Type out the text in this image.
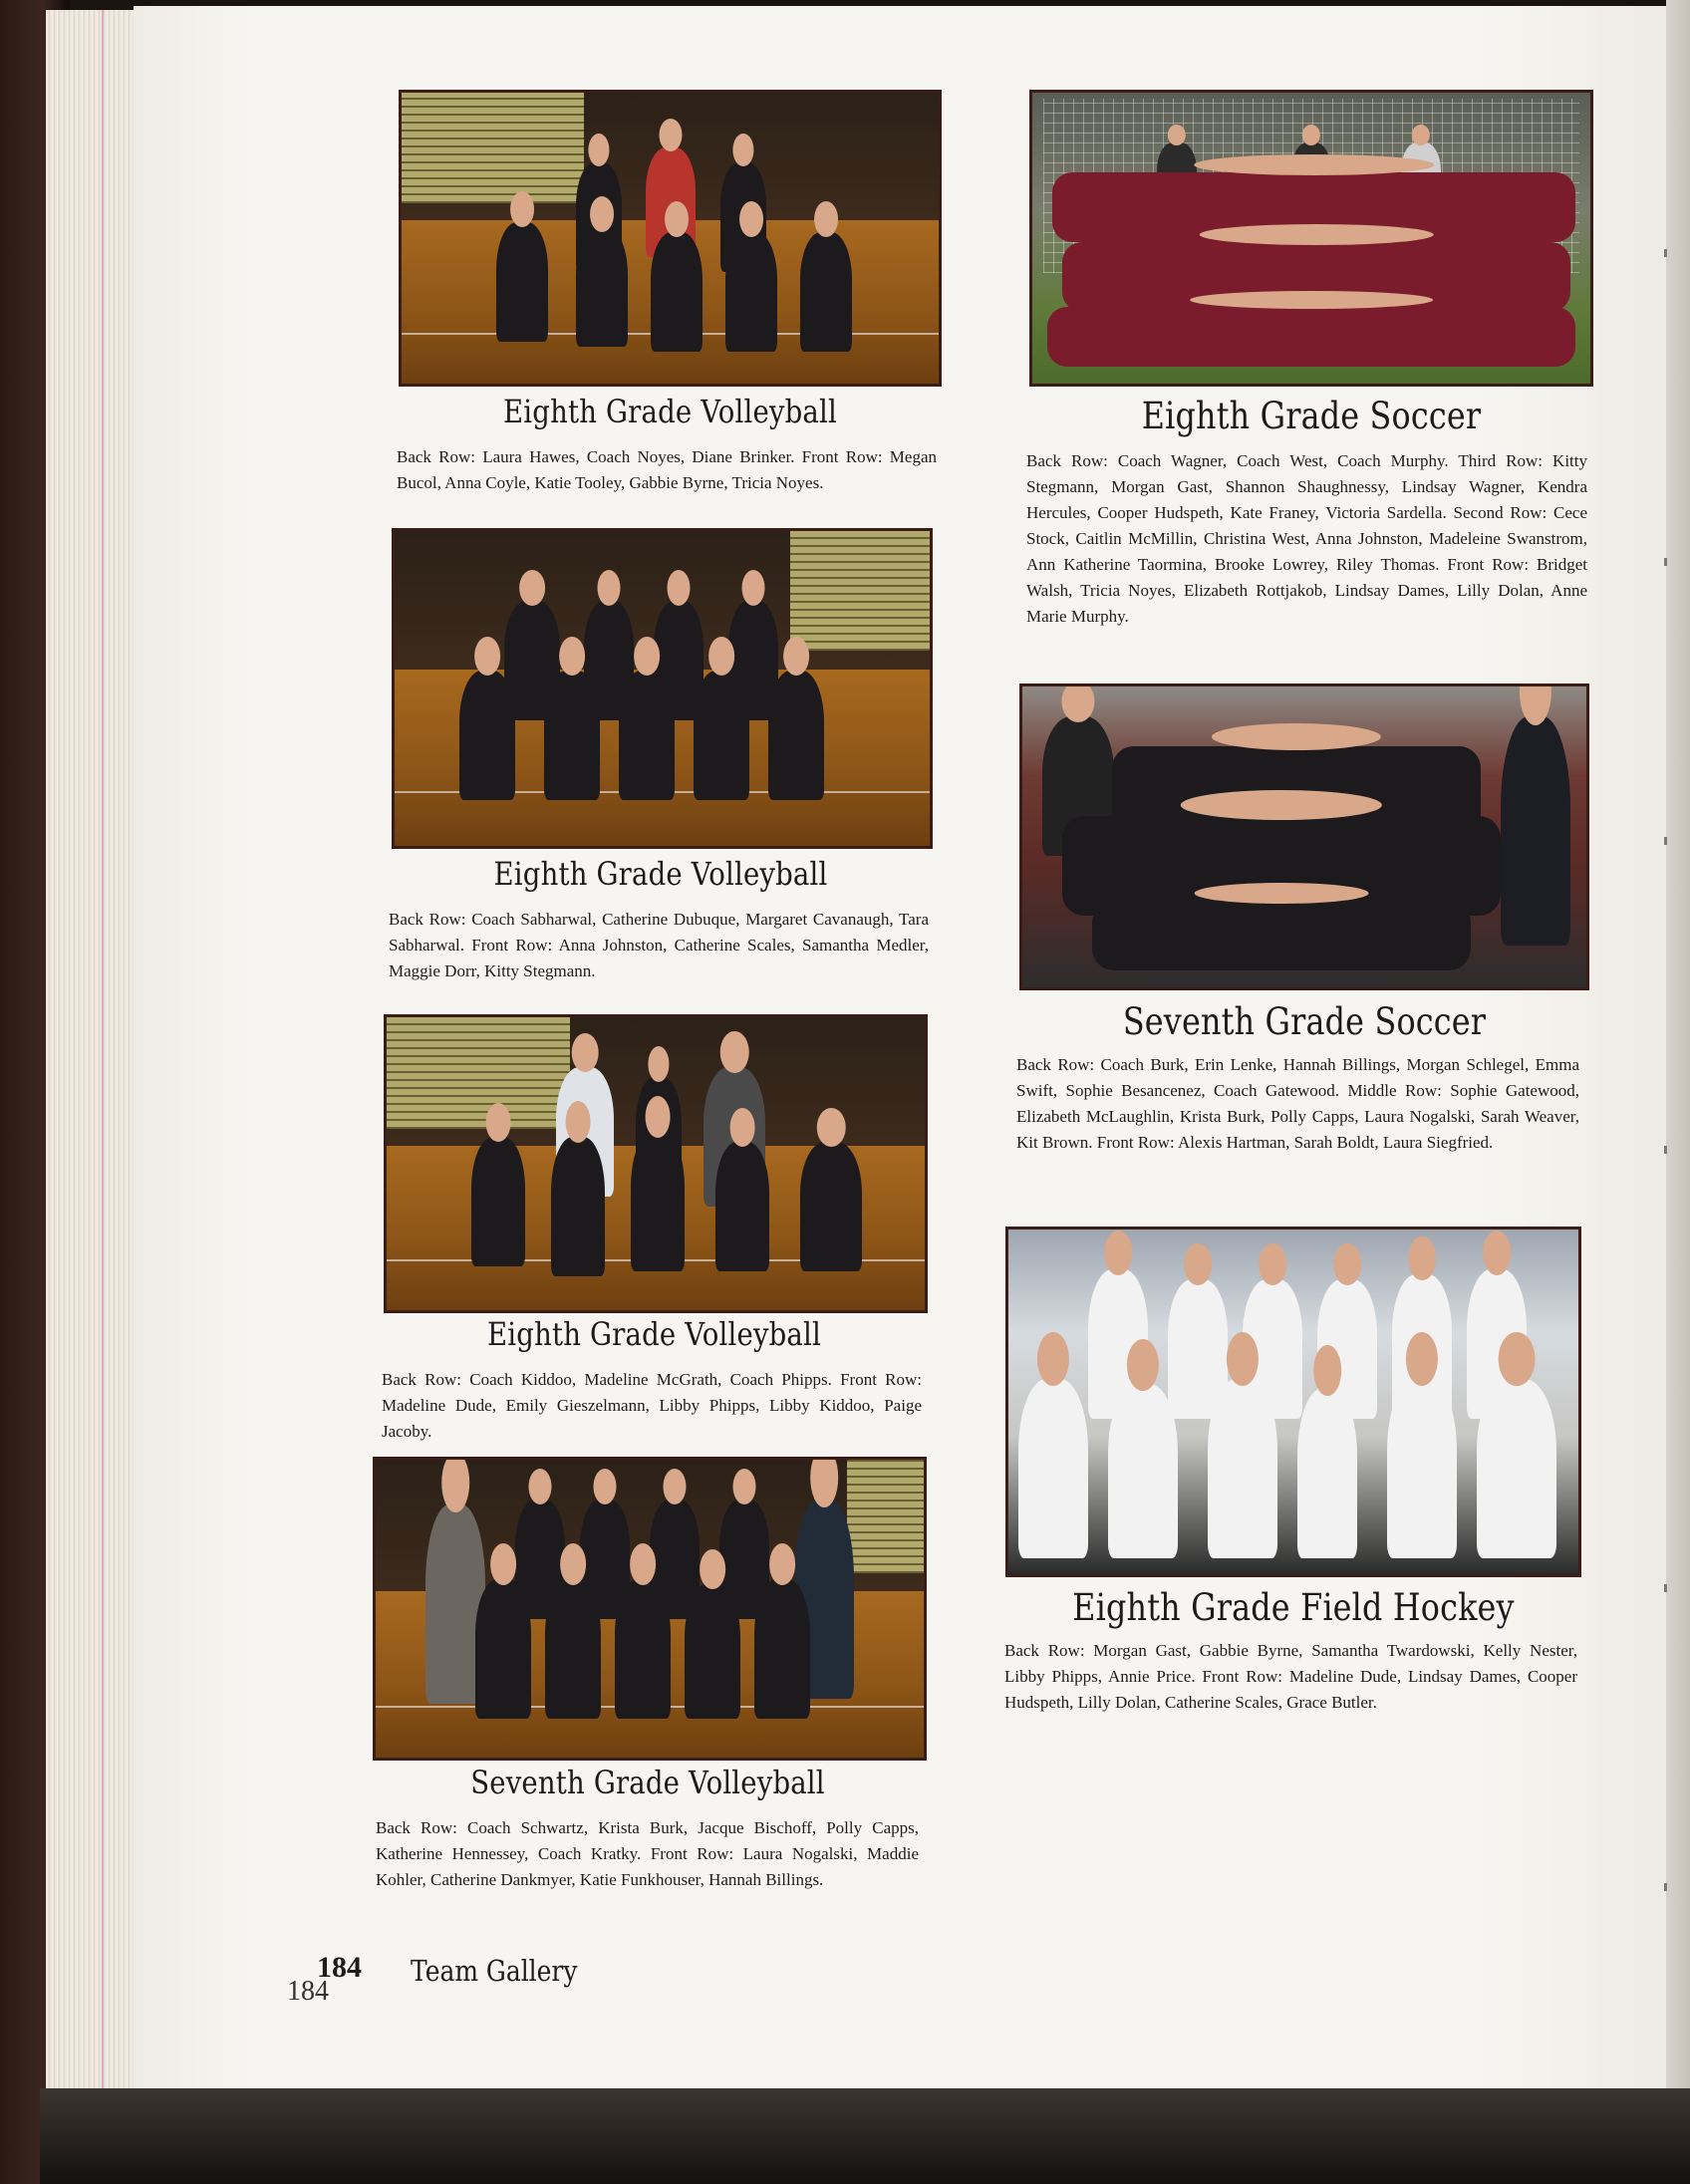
Eighth Grade Volleyball
Back Row: Laura Hawes, Coach Noyes, Diane Brinker. Front Row: Megan Bucol, Anna Coyle, Katie Tooley, Gabbie Byrne, Tricia Noyes.
Eighth Grade Volleyball
Back Row: Coach Sabharwal, Catherine Dubuque, Margaret Cavanaugh, Tara Sabharwal. Front Row: Anna Johnston, Catherine Scales, Samantha Medler, Maggie Dorr, Kitty Stegmann.
Eighth Grade Volleyball
Back Row: Coach Kiddoo, Madeline McGrath, Coach Phipps. Front Row: Madeline Dude, Emily Gieszelmann, Libby Phipps, Libby Kiddoo, Paige Jacoby.
Seventh Grade Volleyball
Back Row: Coach Schwartz, Krista Burk, Jacque Bischoff, Polly Capps, Katherine Hennessey, Coach Kratky. Front Row: Laura Nogalski, Maddie Kohler, Catherine Dankmyer, Katie Funkhouser, Hannah Billings.
Eighth Grade Soccer
Back Row: Coach Wagner, Coach West, Coach Murphy. Third Row: Kitty Stegmann, Morgan Gast, Shannon Shaughnessy, Lindsay Wagner, Kendra Hercules, Cooper Hudspeth, Kate Franey, Victoria Sardella. Second Row: Cece Stock, Caitlin McMillin, Christina West, Anna Johnston, Madeleine Swanstrom, Ann Katherine Taormina, Brooke Lowrey, Riley Thomas. Front Row: Bridget Walsh, Tricia Noyes, Elizabeth Rottjakob, Lindsay Dames, Lilly Dolan, Anne Marie Murphy.
Seventh Grade Soccer
Back Row: Coach Burk, Erin Lenke, Hannah Billings, Morgan Schlegel, Emma Swift, Sophie Besancenez, Coach Gatewood. Middle Row: Sophie Gatewood, Elizabeth McLaughlin, Krista Burk, Polly Capps, Laura Nogalski, Sarah Weaver, Kit Brown. Front Row: Alexis Hartman, Sarah Boldt, Laura Siegfried.
Eighth Grade Field Hockey
Back Row: Morgan Gast, Gabbie Byrne, Samantha Twardowski, Kelly Nester, Libby Phipps, Annie Price. Front Row: Madeline Dude, Lindsay Dames, Cooper Hudspeth, Lilly Dolan, Catherine Scales, Grace Butler.
184
184 Team Gallery
